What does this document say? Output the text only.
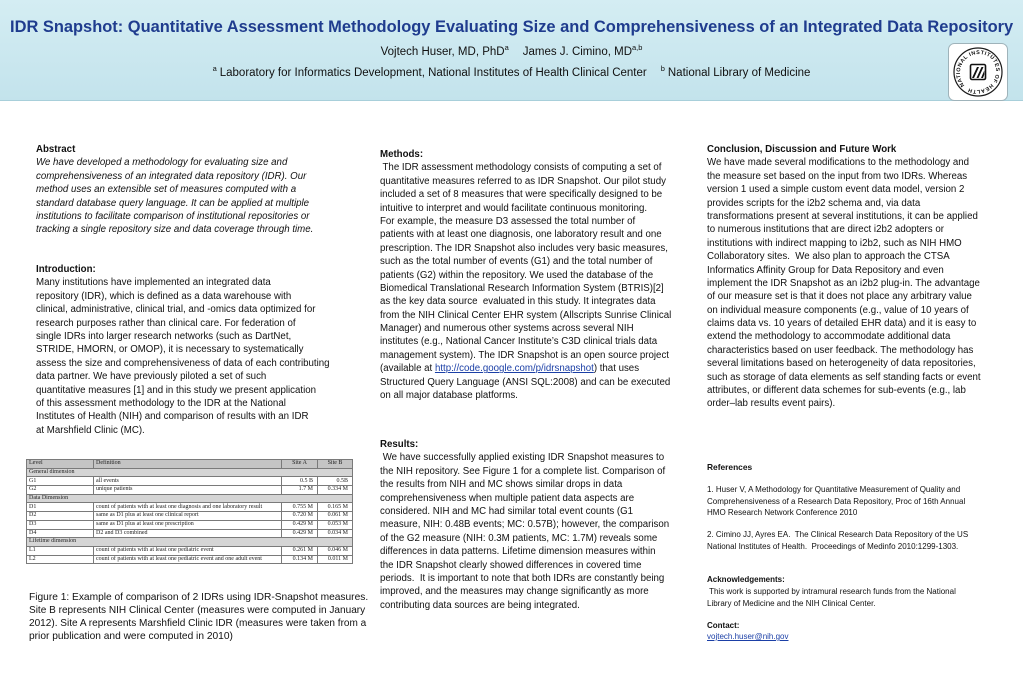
IDR Snapshot: Quantitative Assessment Methodology Evaluating Size and Comprehensiveness of an Integrated Data Repository
Vojtech Huser, MD, PhD$^a$ James J. Cimino, MD$^{a,b}$
$^a$ Laboratory for Informatics Development, National Institutes of Health Clinical Center $^b$ National Library of Medicine
NATIONAL INSTITUTES OF HEALTH
Abstract
We have developed a methodology for evaluating size and
comprehensiveness of an integrated data repository (IDR). Our
method uses an extensible set of measures computed with a
standard database query language. It can be applied at multiple
institutions to facilitate comparison of institutional repositories or
tracking a single repository size and data coverage through time.
Introduction:
Many institutions have implemented an integrated data
repository (IDR), which is defined as a data warehouse with
clinical, administrative, clinical trial, and -omics data optimized for
research purposes rather than clinical care. For federation of
single IDRs into larger research networks (such as DartNet,
STRIDE, HMORN, or OMOP), it is necessary to systematically
assess the size and comprehensiveness of data of each contributing
data partner. We have previously piloted a set of such
quantitative measures [1] and in this study we present application
of this assessment methodology to the IDR at the National
Institutes of Health (NIH) and comparison of results with an IDR
at Marshfield Clinic (MC).
Level	Definition	Site A	Site B
General dimension			
G1	all events	0.5 B	0.5B
G2	unique patients	1.7 M	0.334 M
Data Dimension			
D1	count of patients with at least one diagnosis and one laboratory result	0.755 M	0.165 M
D2	same as D1 plus at least one clinical report	0.720 M	0.061 M
D3	same as D1 plus at least one prescription	0.429 M	0.053 M
D4	D2 and D3 combined	0.429 M	0.034 M
Lifetime dimension			
L1	count of patients with at least one pediatric event	0.261 M	0.046 M
L2	count of patients with at least one pediatric event and one adult event	0.134 M	0.011 M
Figure 1: Example of comparison of 2 IDRs using IDR-Snapshot measures.
Site B represents NIH Clinical Center (measures were computed in January
2012). Site A represents Marshfield Clinic IDR (measures were taken from a
prior publication and were computed in 2010)
Methods:
The IDR assessment methodology consists of computing a set of
quantitative measures referred to as IDR Snapshot. Our pilot study
included a set of 8 measures that were specifically designed to be
intuitive to interpret and would facilitate continuous monitoring.
For example, the measure D3 assessed the total number of
patients with at least one diagnosis, one laboratory result and one
prescription. The IDR Snapshot also includes very basic measures,
such as the total number of events (G1) and the total number of
patients (G2) within the repository. We used the database of the
Biomedical Translational Research Information System (BTRIS)[2]
as the key data source  evaluated in this study. It integrates data
from the NIH Clinical Center EHR system (Allscripts Sunrise Clinical
Manager) and numerous other systems across several NIH
institutes (e.g., National Cancer Institute’s C3D clinical trials data
management system). The IDR Snapshot is an open source project
(available at http://code.google.com/p/idrsnapshot) that uses
Structured Query Language (ANSI SQL:2008) and can be executed
on all major database platforms.
Results:
We have successfully applied existing IDR Snapshot measures to
the NIH repository. See Figure 1 for a complete list. Comparison of
the results from NIH and MC shows similar drops in data
comprehensiveness when multiple patient data aspects are
considered. NIH and MC had similar total event counts (G1
measure, NIH: 0.48B events; MC: 0.57B); however, the comparison
of the G2 measure (NIH: 0.3M patients, MC: 1.7M) reveals some
differences in data patterns. Lifetime dimension measures within
the IDR Snapshot clearly showed differences in covered time
periods.  It is important to note that both IDRs are constantly being
improved, and the measures may change significantly as more
contributing data sources are being integrated.
Conclusion, Discussion and Future Work
We have made several modifications to the methodology and
the measure set based on the input from two IDRs. Whereas
version 1 used a simple custom event data model, version 2
provides scripts for the i2b2 schema and, via data
transformations present at several institutions, it can be applied
to numerous institutions that are direct i2b2 adopters or
institutions with indirect mapping to i2b2, such as NIH HMO
Collaboratory sites.  We also plan to approach the CTSA
Informatics Affinity Group for Data Repository and even
implement the IDR Snapshot as an i2b2 plug-in. The advantage
of our measure set is that it does not place any arbitrary value
on individual measure components (e.g., value of 10 years of
claims data vs. 10 years of detailed EHR data) and it is easy to
extend the methodology to accommodate additional data
characteristics based on user feedback. The methodology has
several limitations based on heterogeneity of data repositories,
such as storage of data elements as self standing facts or event
attributes, or different data schemes for sub-events (e.g., lab
order–lab results event pairs).
References
1. Huser V, A Methodology for Quantitative Measurement of Quality and
Comprehensiveness of a Research Data Repository, Proc of 16th Annual
HMO Research Network Conference 2010
2. Cimino JJ, Ayres EA.  The Clinical Research Data Repository of the US
National Institutes of Health.  Proceedings of Medinfo 2010:1299-1303.
Acknowledgements:
This work is supported by intramural research funds from the National
Library of Medicine and the NIH Clinical Center.
Contact:
vojtech.huser@nih.gov
